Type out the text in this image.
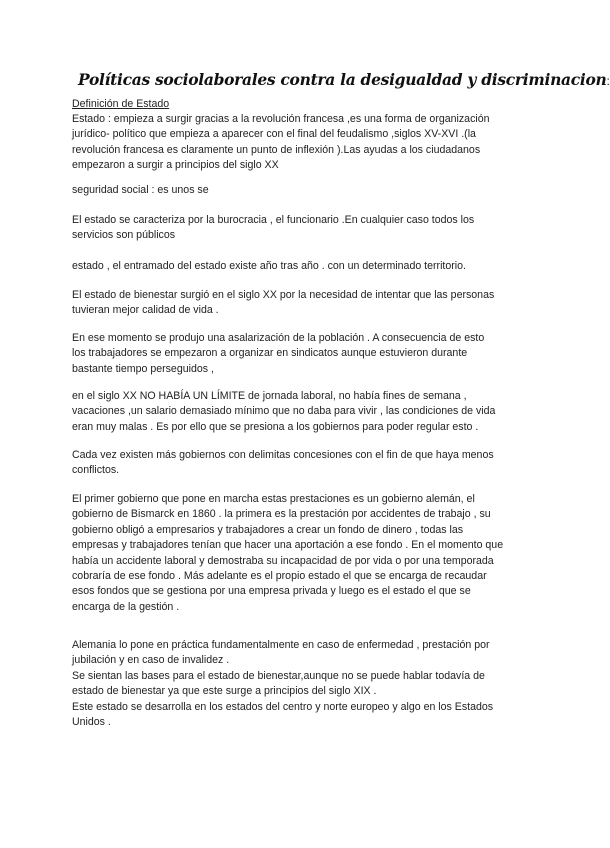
Políticas sociolaborales contra la desigualdad y discriminacion:
Definición de Estado

Estado : empieza a surgir gracias a la revolución francesa ,es una forma de organización
jurídico- político que empieza a aparecer con el final del feudalismo ,siglos XV-XVI .(la
revolución francesa es claramente un punto de inflexión ).Las ayudas a los ciudadanos
empezaron a surgir a principios del siglo XX

seguridad social : es unos se

El estado se caracteriza por la burocracia , el funcionario .En cualquier caso todos los
servicios son públicos

estado , el entramado del estado existe año tras año . con un determinado territorio.

El estado de bienestar surgió en el siglo XX por la necesidad de intentar que las personas
tuvieran mejor calidad de vida .

En ese momento se produjo una asalarización de la población . A consecuencia de esto
los trabajadores se empezaron a organizar en sindicatos aunque estuvieron durante
bastante tiempo perseguidos ,

en el siglo XX NO HABÍA UN LÍMITE de jornada laboral, no había fines de semana ,
vacaciones ,un salario demasiado mínimo que no daba para vivir , las condiciones de vida
eran muy malas . Es por ello que se presiona a los gobiernos para poder regular esto .

Cada vez existen más gobiernos con delimitas concesiones con el fin de que haya menos
conflictos.

El primer gobierno que pone en marcha estas prestaciones es un gobierno alemán, el
gobierno de Bismarck en 1860 . la primera es la prestación por accidentes de trabajo , su
gobierno obligó a empresarios y trabajadores a crear un fondo de dinero , todas las
empresas y trabajadores tenían que hacer una aportación a ese fondo . En el momento que
había un accidente laboral y demostraba su incapacidad de por vida o por una temporada
cobraría de ese fondo . Más adelante es el propio estado el que se encarga de recaudar
esos fondos que se gestiona por una empresa privada y luego es el estado el que se
encarga de la gestión .

Alemania lo pone en práctica fundamentalmente en caso de enfermedad , prestación por
jubilación y en caso de invalidez .
Se sientan las bases para el estado de bienestar,aunque no se puede hablar todavía de
estado de bienestar ya que este surge a principios del siglo XIX .
Este estado se desarrolla en los estados del centro y norte europeo y algo en los Estados
Unidos .
